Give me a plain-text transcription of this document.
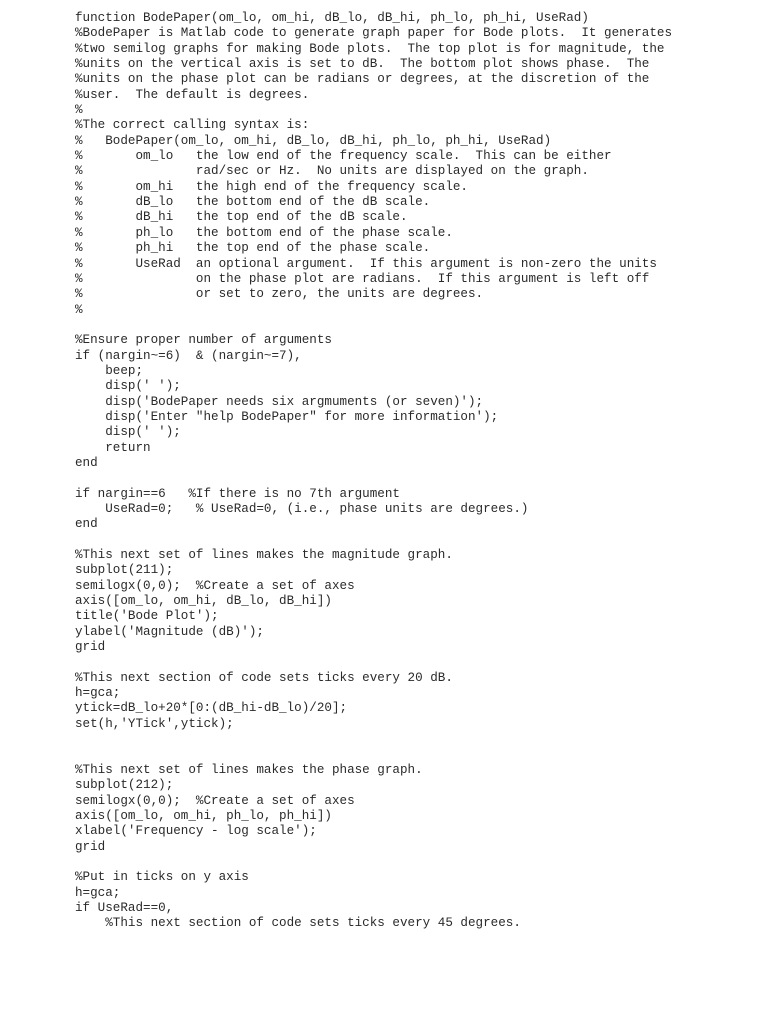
function BodePaper(om_lo, om_hi, dB_lo, dB_hi, ph_lo, ph_hi, UseRad)
%BodePaper is Matlab code to generate graph paper for Bode plots.  It generates
%two semilog graphs for making Bode plots.  The top plot is for magnitude, the
%units on the vertical axis is set to dB.  The bottom plot shows phase.  The
%units on the phase plot can be radians or degrees, at the discretion of the
%user.  The default is degrees.
%
%The correct calling syntax is:
%   BodePaper(om_lo, om_hi, dB_lo, dB_hi, ph_lo, ph_hi, UseRad)
%       om_lo   the low end of the frequency scale.  This can be either
%               rad/sec or Hz.  No units are displayed on the graph.
%       om_hi   the high end of the frequency scale.
%       dB_lo   the bottom end of the dB scale.
%       dB_hi   the top end of the dB scale.
%       ph_lo   the bottom end of the phase scale.
%       ph_hi   the top end of the phase scale.
%       UseRad  an optional argument.  If this argument is non-zero the units
%               on the phase plot are radians.  If this argument is left off
%               or set to zero, the units are degrees.
%

%Ensure proper number of arguments
if (nargin~=6)  & (nargin~=7),
beep;
disp(' ');
disp('BodePaper needs six argmuments (or seven)');
disp('Enter "help BodePaper" for more information');
disp(' ');
return
end

if nargin==6   %If there is no 7th argument
UseRad=0;   % UseRad=0, (i.e., phase units are degrees.)
end

%This next set of lines makes the magnitude graph.
subplot(211);
semilogx(0,0);  %Create a set of axes
axis([om_lo, om_hi, dB_lo, dB_hi])
title('Bode Plot');
ylabel('Magnitude (dB)');
grid

%This next section of code sets ticks every 20 dB.
h=gca;
ytick=dB_lo+20*[0:(dB_hi-dB_lo)/20];
set(h,'YTick',ytick);

%This next set of lines makes the phase graph.
subplot(212);
semilogx(0,0);  %Create a set of axes
axis([om_lo, om_hi, ph_lo, ph_hi])
xlabel('Frequency - log scale');
grid

%Put in ticks on y axis
h=gca;
if UseRad==0,
%This next section of code sets ticks every 45 degrees.
